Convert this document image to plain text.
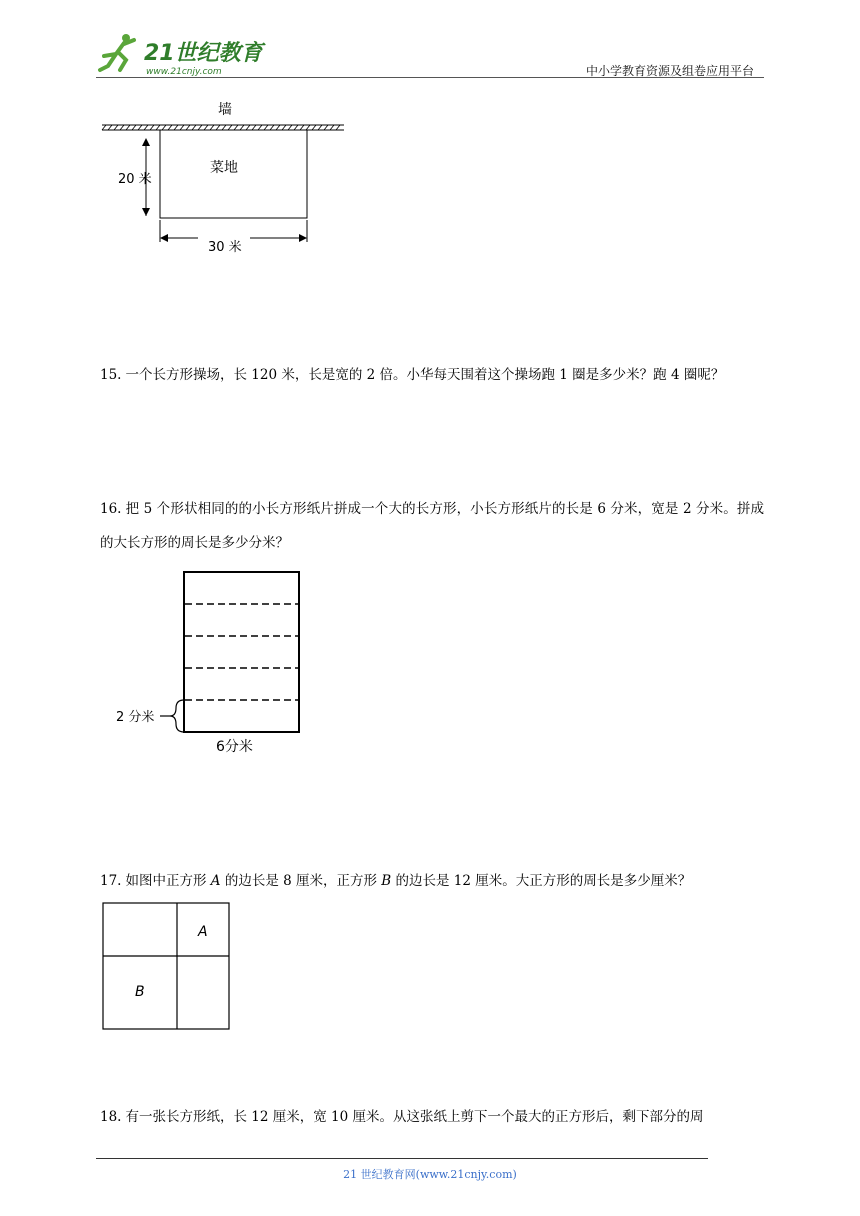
21世纪教育
www.21cnjy.com	中小学教育资源及组卷应用平台
墙
菜地
20 米
30 米
15. 一个长方形操场，长 120 米，长是宽的 2 倍。小华每天围着这个操场跑 1 圈是多少米？跑 4 圈呢？
16. 把 5 个形状相同的的小长方形纸片拼成一个大的长方形，小长方形纸片的长是 6 分米，宽是 2 分米。拼成的大长方形的周长是多少分米？
2 分米
6分米
17. 如图中正方形 A 的边长是 8 厘米，正方形 B 的边长是 12 厘米。大正方形的周长是多少厘米？
A
B
18. 有一张长方形纸，长 12 厘米，宽 10 厘米。从这张纸上剪下一个最大的正方形后，剩下部分的周
21 世纪教育网(www.21cnjy.com)
